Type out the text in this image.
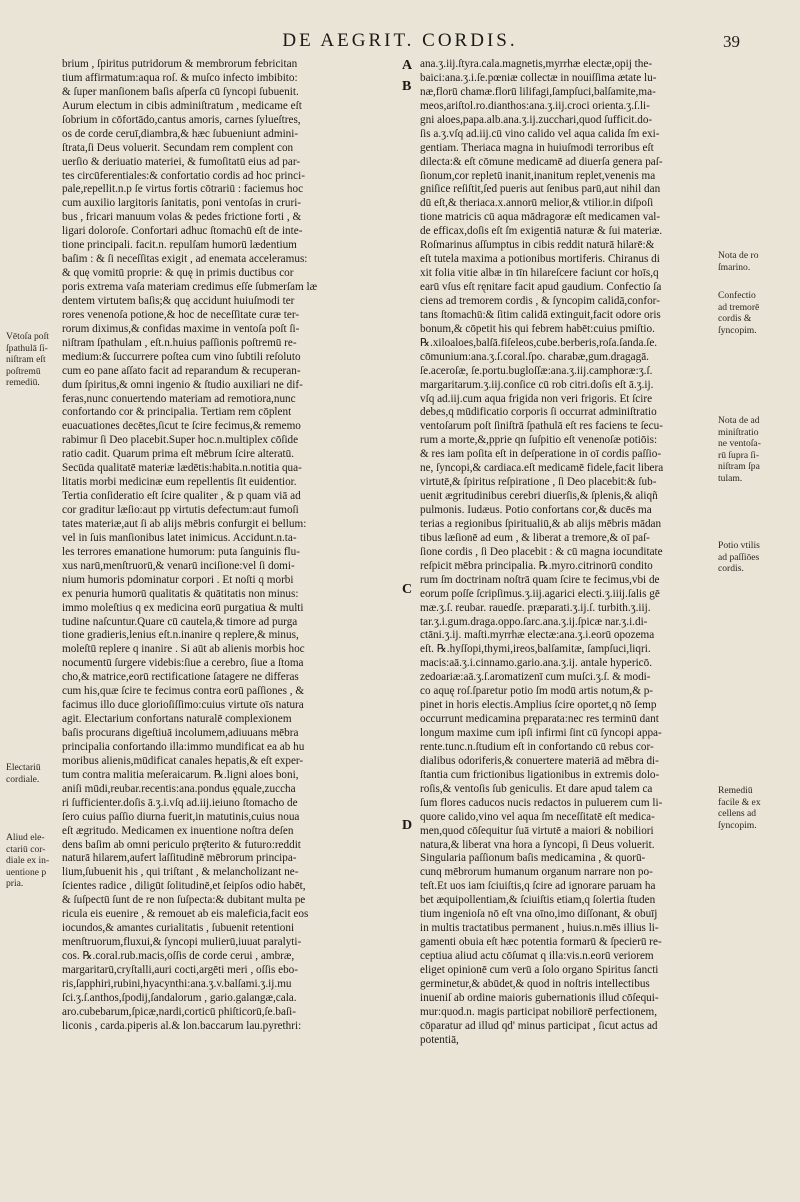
DE AEGRIT. CORDIS.	39
brium , ſpiritus putridorum & membrorum febricitan
tium affirmatum:aqua roſ. & muſco infecto imbibito:
& ſuper manſionem baſis aſperſa cū ſyncopi ſubuenit.
Aurum electum in cibis adminiſtratum , medicame eſt
ſobrium in cōfortādo,cantus amoris, carnes ſylueſtres,
os de corde ceruī,diambra,& hæc ſubueniunt admini-
ſtrata,ſi Deus voluerit. Secundam rem complent con
uerſio & deriuatio materiei, & fumoſitatū eius ad par-
tes circūferentiales:& confortatio cordis ad hoc princi-
pale,repellit.n.p ſe virtus fortis cōtrariū : faciemus hoc
cum auxilio largitoris ſanitatis, poni ventoſas in cruri-
bus , fricari manuum volas & pedes frictione forti , &
ligari doloroſe. Confortari adhuc ſtomachū eſt de inte-
tione principali. facit.n. repulſam humorū lædentium
baſim : & ſi neceſſitas exigit , ad enemata acceleramus:
& quę vomitū proprie: & quę in primis ductibus cor
poris extrema vaſa materiam credimus eſſe ſubmerſam læ
dentem virtutem baſis;& quę accidunt huiuſmodi ter
rores venenoſa potione,& hoc de neceſſitate curæ ter-
rorum diximus,& confidas maxime in ventoſa poſt ſi-
niſtram ſpathulam , eſt.n.huius paſſionis poſtremū re-
medium:& ſuccurrere poſtea cum vino ſubtili reſoluto
cum eo pane aſſato facit ad reparandum & recuperan-
dum ſpiritus,& omni ingenio & ſtudio auxiliari ne dif-
feras,nunc conuertendo materiam ad remotiora,nunc
confortando cor & principalia. Tertiam rem cōplent
euacuationes decētes,ſicut te ſcire fecimus,& rememo
rabimur ſi Deo placebit.Super hoc.n.multiplex cōſide
ratio cadit. Quarum prima eſt mēbrum ſcire alteratū.
Secūda qualitatē materiæ lædētis:habita.n.notitia qua-
litatis morbi medicinæ eum repellentis ſit euidentior.
Tertia conſideratio eſt ſcire qualiter , & p quam viā ad
cor graditur læſio:aut pp virtutis defectum:aut fumoſi
tates materiæ,aut ſi ab alijs mēbris confurgit ei bellum:
vel in ſuis manſionibus latet inimicus. Accidunt.n.ta-
les terrores emanatione humorum: puta ſanguinis flu-
xus narū,menſtruorū,& venarū inciſione:vel ſi domi-
nium humoris pdominatur corpori . Et noſti q morbi
ex penuria humorū qualitatis & quātitatis non minus:
immo moleſtius q ex medicina eorū purgatiua & multi
tudine naſcuntur.Quare cū cautela,& timore ad purga
tione gradieris,lenius eſt.n.inanire q replere,& minus,
moleſtū replere q inanire . Si aūt ab alienis morbis hoc
nocumentū ſurgere videbis:ſiue a cerebro, ſiue a ſtoma
cho,& matrice,eorū rectificatione ſatagere ne differas
cum his,quæ ſcire te fecimus contra eorū paſſiones , &
facimus illo duce glorioſiſſimo:cuius virtute oīs natura
agit. Electarium confortans naturalē complexionem
baſis procurans digeſtiuā incolumem,adiuuans mēbra
principalia confortando illa:immo mundificat ea ab hu
moribus alienis,mūdificat canales hepatis,& eſt exper-
tum contra malitia meſeraicarum. ℞.ligni aloes boni,
aniſi mūdi,reubar.recentis:ana.pondus ęquale,zuccha
ri ſufficienter.doſis ā.ʒ.i.vſq ad.iij.ieiuno ſtomacho de
ſero cuius paſſio diurna fuerit,in matutinis,cuius noua
eſt ægritudo. Medicamen ex inuentione noſtra deſen
dens baſim ab omni periculo prę̄terito & futuro:reddit
naturā hilarem,aufert laſſitudinē mēbrorum principa-
lium,ſubuenit his , qui triſtant , & melancholizant ne-
ſcientes radice , diligūt ſolitudinē,et ſeipſos odio habēt,
& ſuſpectū ſunt de re non ſuſpecta:& dubitant multa pe
ricula eis euenire , & remouet ab eis maleficia,facit eos
iocundos,& amantes curialitatis , ſubuenit retentioni
menſtruorum,fluxui,& ſyncopi mulierū,iuuat paralyti-
cos. ℞.coral.rub.macis,oſſis de corde cerui , ambræ,
margaritarū,cryſtalli,auri cocti,argēti meri , oſſis ebo-
ris,ſapphiri,rubini,hyacynthi:ana.ʒ.v.balſami.ʒ.ij.mu
ſci.ʒ.ſ.anthos,ſpodij,ſandalorum , gario.galangæ,cala.
aro.cubebarum,ſpicæ,nardi,corticū phiſticorū,ſe.baſi-
liconis , carda.piperis al.& lon.baccarum lau.pyrethri:
ana.ʒ.iij.ſtyra.cala.magnetis,myrrhæ electæ,opij the-
baici:ana.ʒ.i.ſe.pœniæ collectæ in nouiſſima ætate lu-
næ,florū chamæ.florū lilifagi,ſampſuci,balſamite,ma-
meos,ariſtol.ro.dianthos:ana.ʒ.iij.croci orienta.ʒ.ſ.li-
gni aloes,papa.alb.ana.ʒ.ij.zucchari,quod ſufficit.do-
ſis a.ʒ.vſq ad.iij.cū vino calido vel aqua calida ſm exi-
gentiam. Theriaca magna in huiuſmodi terroribus eſt
dilecta:& eſt cōmune medicamē ad diuerſa genera paſ-
ſionum,cor repletū inanit,inanitum replet,venenis ma
gniſice reſiſtit,ſed pueris aut ſenibus parū,aut nihil dan
dū eſt,& theriaca.x.annorū melior,& vtilior.in diſpoſi
tione matricis cū aqua mādragoræ eſt medicamen val-
de efficax,doſis eſt ſm exigentiā naturæ & ſui materiæ.
Roſmarinus aſſumptus in cibis reddit naturā hilarē:&
eſt tutela maxima a potionibus mortiferis. Chiranus di
xit folia vitie albæ in tīn hilareſcere faciunt cor hoīs,q
earū vſus eſt ręnitare facit apud gaudium. Confectio ſa
ciens ad tremorem cordis , & ſyncopim calidā,confor-
tans ſtomachū:& ſitim calidā extinguit,facit odore oris
bonum,& cōpetit his qui febrem habēt:cuius pmiſtio.
℞.xiloaloes,balſā.fiſeleos,cube.berberis,roſa.ſanda.ſe.
cōmunium:ana.ʒ.ſ.coral.ſpo. charabæ,gum.dragagā.
ſe.aceroſæ, ſe.portu.bugloſſæ:ana.ʒ.iij.camphoræ:ʒ.ſ.
margaritarum.ʒ.iij.conſice cū rob citri.doſis eſt ā.ʒ.ij.
vſq ad.iij.cum aqua frigida non veri frigoris. Et ſcire
debes,q mūdificatio corporis ſi occurrat adminiſtratio
ventoſarum poſt ſiniſtrā ſpathulā eſt res faciens te ſecu-
rum a morte,&,pprie qn ſuſpitio eſt venenoſæ potiōis:
& res iam poſita eſt in deſperatione in oī cordis paſſio-
ne, ſyncopi,& cardiaca.eſt medicamē fidele,facit libera
virtutē,& ſpiritus reſpiratione , ſi Deo placebit:& ſub-
uenit ægritudinibus cerebri diuerſis,& ſplenis,& aliqñ
pulmonis. Iudæus. Potio confortans cor,& ducēs ma
terias a regionibus ſpiritualiū,& ab alijs mēbris mādan
tibus læſionē ad eum , & liberat a tremore,& oī paſ-
ſione cordis , ſi Deo placebit : & cū magna iocunditate
reſpicit mēbra principalia. ℞.myro.citrinorū condito
rum ſm doctrinam noſtrā quam ſcire te fecimus,vbi de
eorum poſſe ſcripſimus.ʒ.iij.agarici electi.ʒ.iiij.ſalis gē
mæ.ʒ.ſ. reubar. rauedſe. præparati.ʒ.ij.ſ. turbith.ʒ.iij.
tar.ʒ.i.gum.draga.oppo.ſarc.ana.ʒ.ij.ſpicæ nar.ʒ.i.di-
ctāni.ʒ.ij. maſti.myrrhæ electæ:ana.ʒ.i.eorū opozema
eſt. ℞.hyſſopi,thymi,ireos,balſamitæ, ſampſuci,liqri.
macis:aā.ʒ.i.cinnamo.gario.ana.ʒ.ij. antale hypericō.
zedoariæ:aā.ʒ.ſ.aromatizenī cum muſci.ʒ.ſ. & modi-
co aquę roſ.ſparetur potio ſm modū artis notum,& p-
pinet in horis electis.Amplius ſcire oportet,q nō ſemp
occurrunt medicamina pręparata:nec res terminū dant
longum maxime cum ipſi infirmi ſint cū ſyncopi appa-
rente.tunc.n.ſtudium eſt in confortando cū rebus cor-
dialibus odoriferis,& conuertere materiā ad mēbra di-
ſtantia cum frictionibus ligationibus in extremis dolo-
roſis,& ventoſis ſub geniculis. Et dare apud talem ca
ſum flores caducos nucis redactos in puluerem cum li-
quore calido,vino vel aqua ſm neceſſitatē eſt medica-
men,quod cōſequitur ſuā virtutē a maiori & nobiliori
natura,& liberat vna hora a ſyncopi, ſi Deus voluerit.
Singularia paſſionum baſis medicamina , & quorū-
cunq mēbrorum humanum organum narrare non po-
teſt.Et uos iam ſciuiſtis,q ſcire ad ignorare paruam ha
bet æquipollentiam,& ſciuiſtis etiam,q ſolertia ſtuden
tium ingenioſa nō eſt vna oīno,imo diſſonant, & obuīj
in multis tractatibus permanent , huius.n.mēs illius li-
gamenti obuia eſt hæc potentia formarū & ſpecierū re-
ceptiua aliud actu cōſumat q illa:vis.n.eorū veriorem
eliget opinionē cum verū a ſolo organo Spiritus ſancti
germinetur,& abūdet,& quod in noſtris intellectibus
inueniſ ab ordine maioris gubernationis illud cōſequi-
mur:quod.n. magis participat nobiliorē perfectionem,
cōparatur ad illud qd' minus participat , ſicut actus ad
potentiā,
A
B
C
D
Vētoſa poſt
ſpathulā ſi-
niſtram eſt
poſtremū
remediū.
Electariū
cordiale.
Aliud ele-
ctariū cor-
diale ex in-
uentione p
pria.
Nota de ro
ſmarino.
Confectio
ad tremorē
cordis &
ſyncopim.
Nota de ad
miniſtratio
ne ventoſa-
rū ſupra ſi-
niſtram ſpa
tulam.
Potio vtilis
ad paſſiōes
cordis.
Remediū
facile & ex
cellens ad
ſyncopim.
